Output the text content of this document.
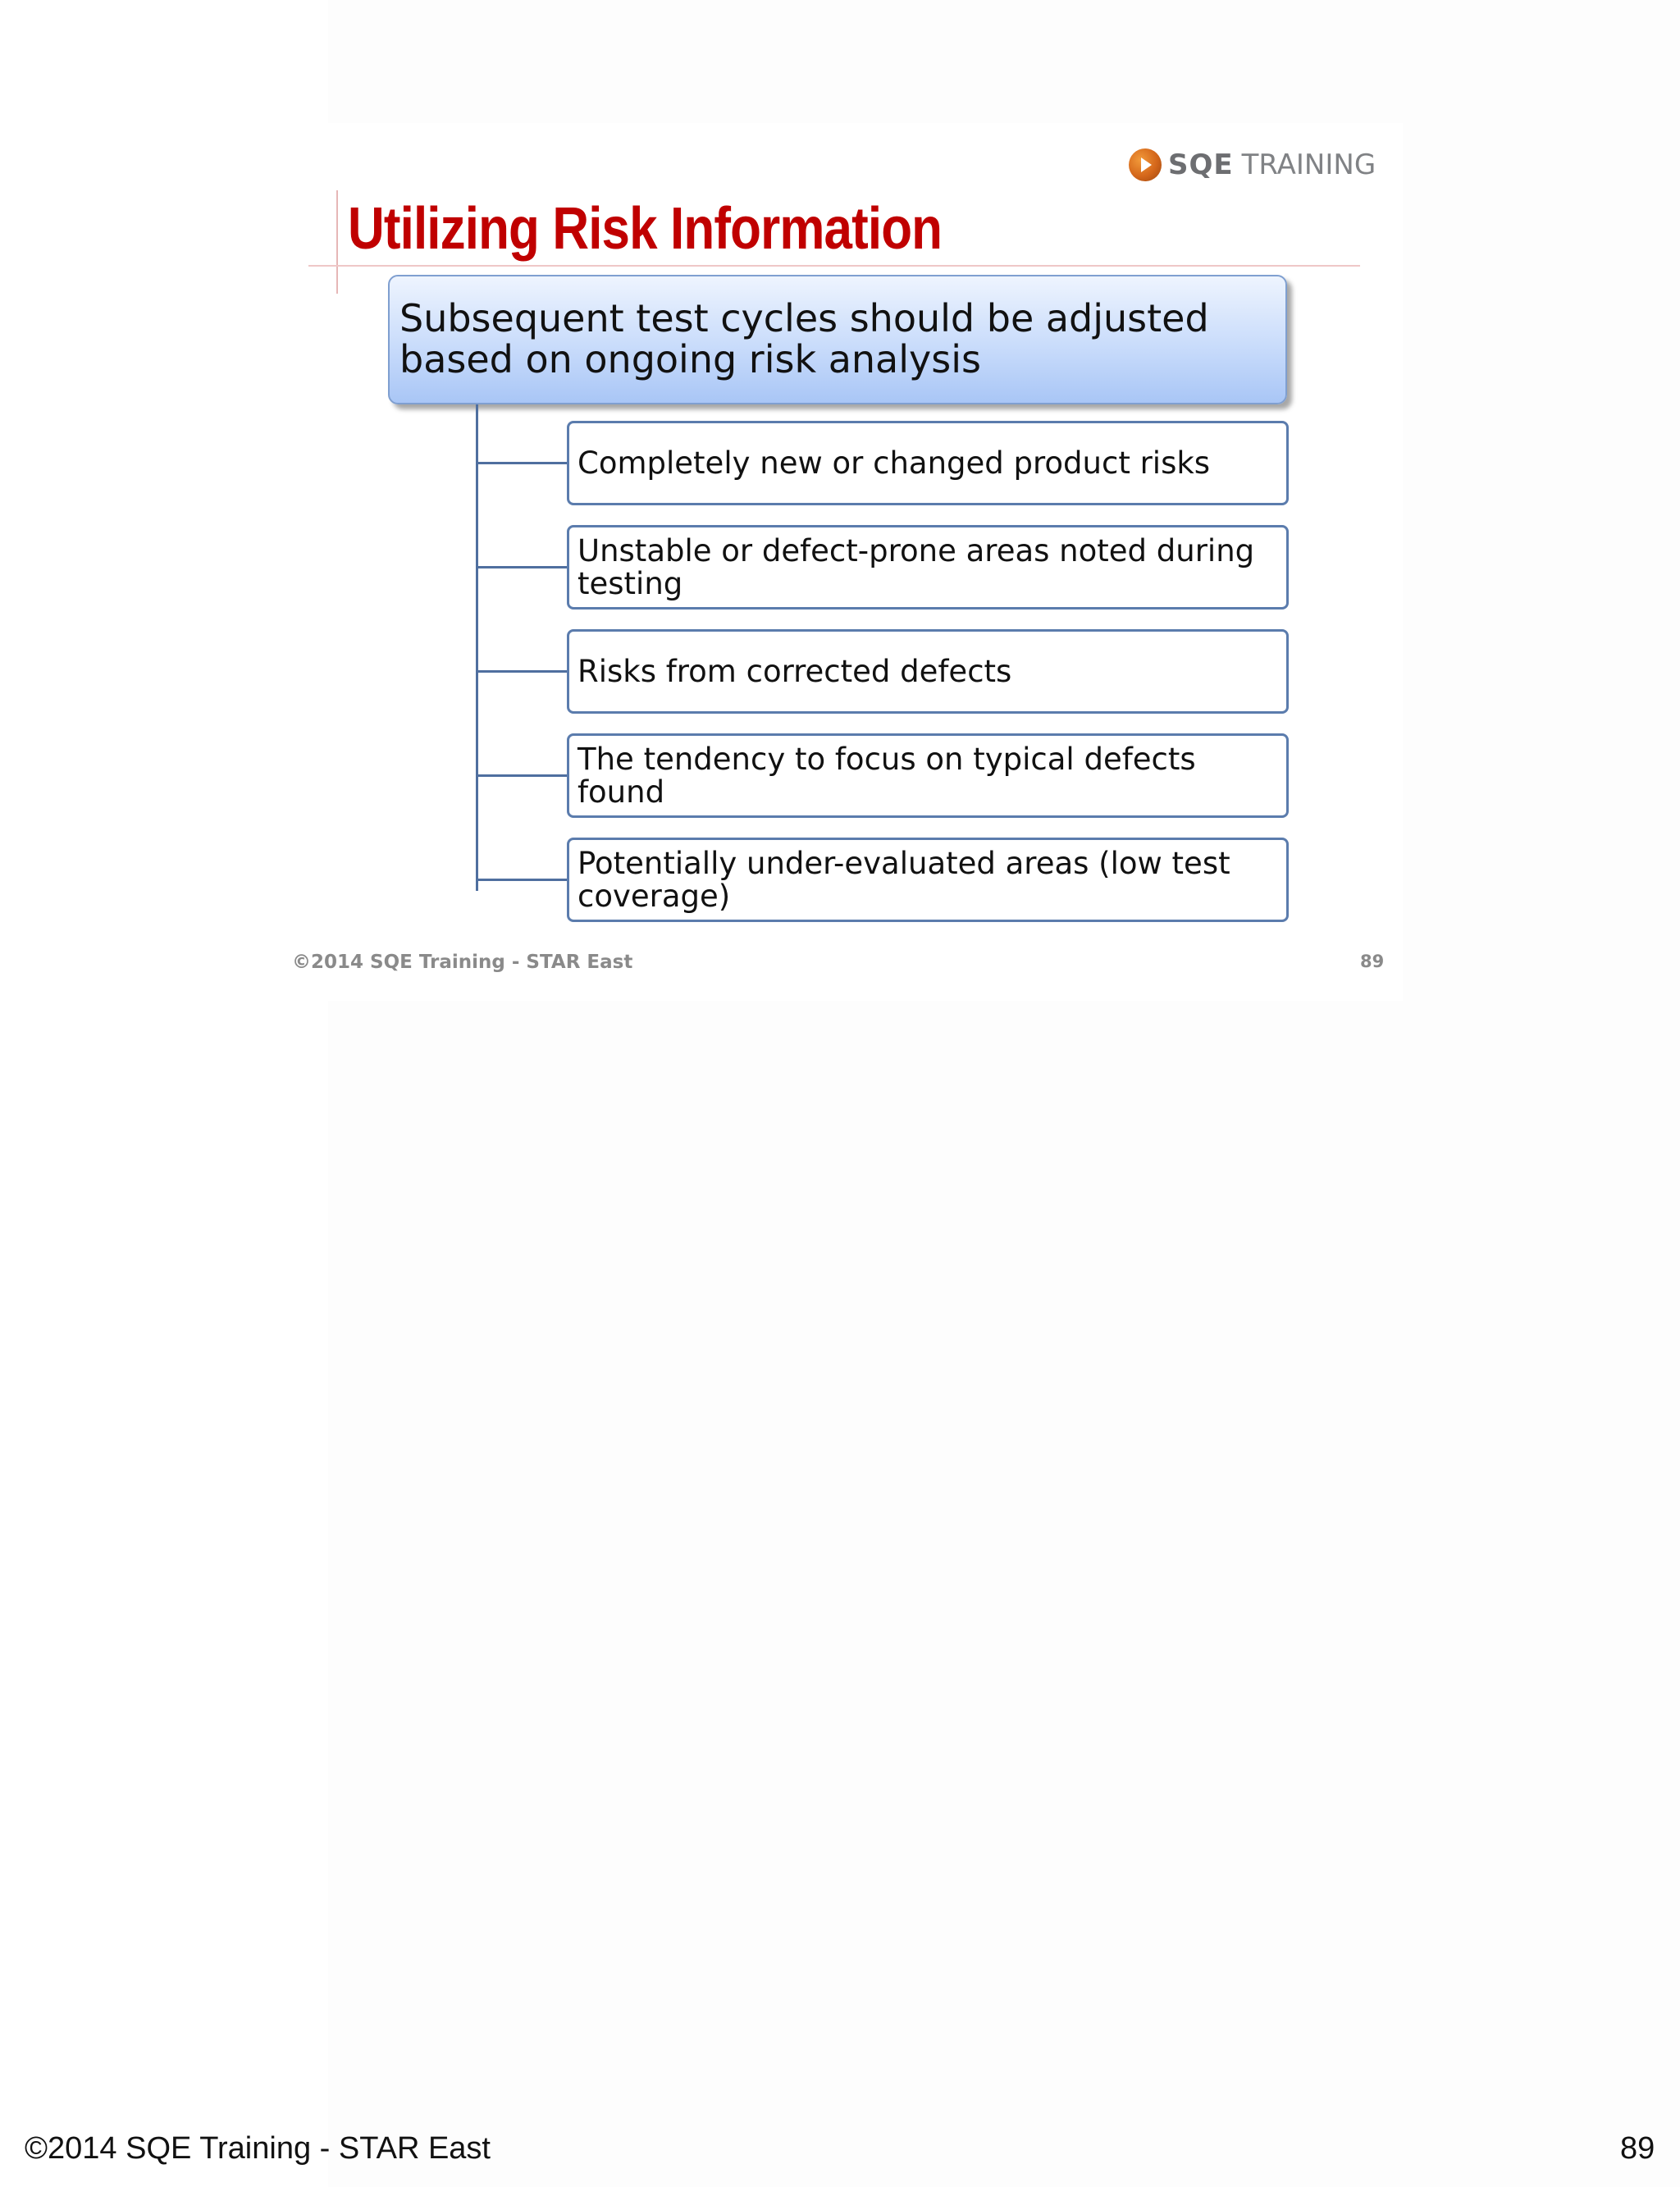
SQE TRAINING
Utilizing Risk Information
Subsequent test cycles should be adjusted based on ongoing risk analysis
Completely new or changed product risks
Unstable or defect-prone areas noted during testing
Risks from corrected defects
The tendency to focus on typical defects found
Potentially under-evaluated areas (low test coverage)
©2014 SQE Training - STAR East	89
©2014 SQE Training - STAR East	89
